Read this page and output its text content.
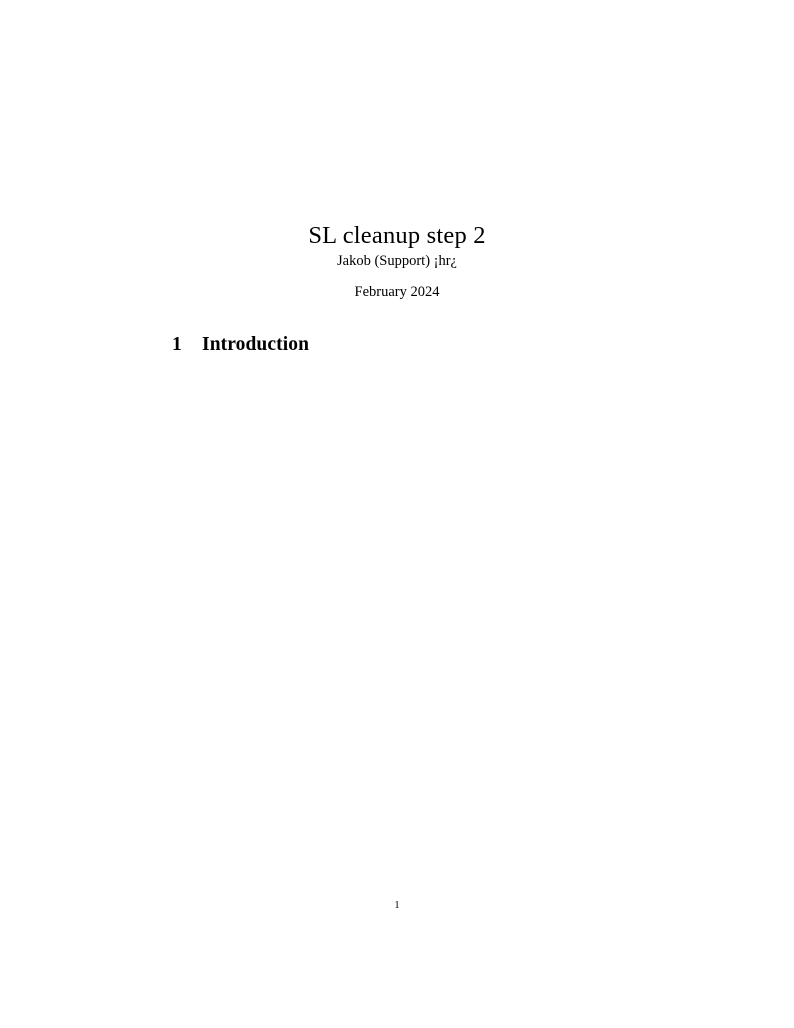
SL cleanup step 2
Jakob (Support) ¡hr¿
February 2024
1 Introduction
1
